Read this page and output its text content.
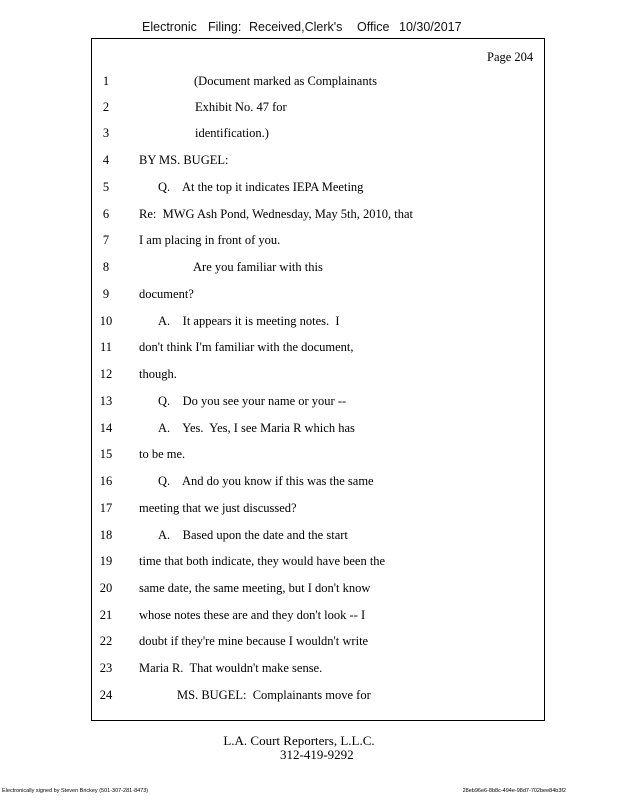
Electronic Filing: Received,Clerk's Office 10/30/2017
Page 204
1	(Document marked as Complainants
2	Exhibit No. 47 for
3	identification.)
4	BY MS. BUGEL:
5	Q.    At the top it indicates IEPA Meeting
6	Re:  MWG Ash Pond, Wednesday, May 5th, 2010, that
7	I am placing in front of you.
8	Are you familiar with this
9	document?
10	A.    It appears it is meeting notes.  I
11	don't think I'm familiar with the document,
12	though.
13	Q.    Do you see your name or your --
14	A.    Yes.  Yes, I see Maria R which has
15	to be me.
16	Q.    And do you know if this was the same
17	meeting that we just discussed?
18	A.    Based upon the date and the start
19	time that both indicate, they would have been the
20	same date, the same meeting, but I don't know
21	whose notes these are and they don't look -- I
22	doubt if they're mine because I wouldn't write
23	Maria R.  That wouldn't make sense.
24	MS. BUGEL:  Complainants move for
L.A. Court Reporters, L.L.C.
312-419-9292
Electronically signed by Steven Brickey (501-307-281-8473)	28eb96e6-8b8c-494e-98d7-702bee84b3f2
